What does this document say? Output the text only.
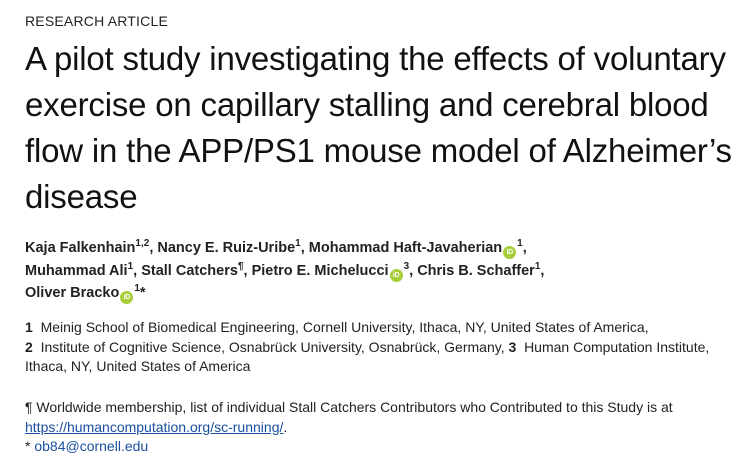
RESEARCH ARTICLE
A pilot study investigating the effects of voluntary exercise on capillary stalling and cerebral blood flow in the APP/PS1 mouse model of Alzheimer’s disease
Kaja Falkenhain$^{1,2}$, Nancy E. Ruiz-Uribe$^1$, Mohammad Haft-Javaherian $iD^1$,
Muhammad Ali$^1$, Stall Catchers¶, Pietro E. Michelucci $iD^3$, Chris B. Schaffer$^1$,
Oliver Bracko $iD^1*$
1 Meinig School of Biomedical Engineering, Cornell University, Ithaca, NY, United States of America,
2 Institute of Cognitive Science, Osnabrück University, Osnabrück, Germany, 3 Human Computation Institute, Ithaca, NY, United States of America
¶ Worldwide membership, list of individual Stall Catchers Contributors who Contributed to this Study is at https://humancomputation.org/sc-running/.
* ob84@cornell.edu
